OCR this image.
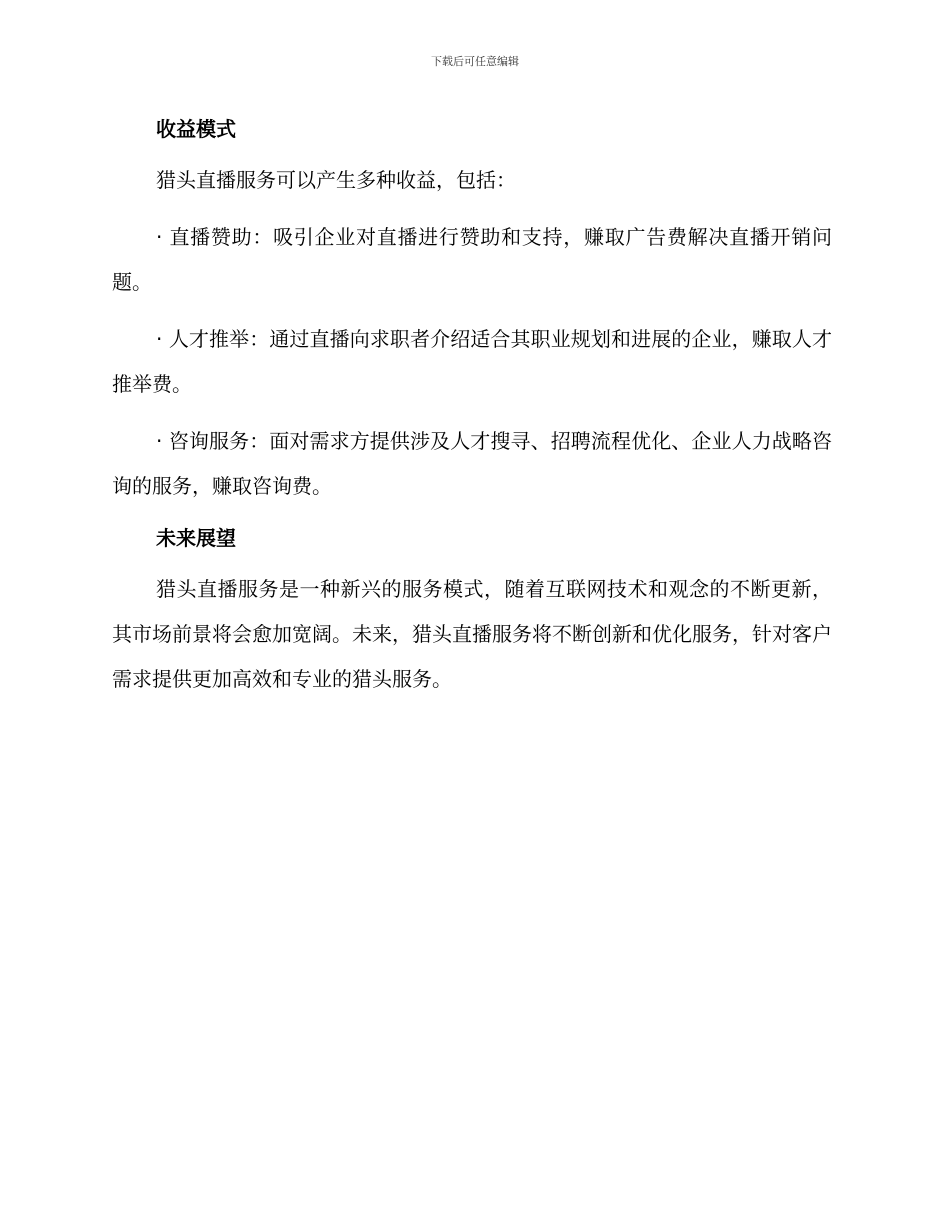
下载后可任意编辑
收益模式
猎头直播服务可以产生多种收益，包括：
· 直播赞助：吸引企业对直播进行赞助和支持，赚取广告费解决直播开销问题。
· 人才推举：通过直播向求职者介绍适合其职业规划和进展的企业，赚取人才推举费。
· 咨询服务：面对需求方提供涉及人才搜寻、招聘流程优化、企业人力战略咨询的服务，赚取咨询费。
未来展望
猎头直播服务是一种新兴的服务模式，随着互联网技术和观念的不断更新，其市场前景将会愈加宽阔。未来，猎头直播服务将不断创新和优化服务，针对客户需求提供更加高效和专业的猎头服务。
